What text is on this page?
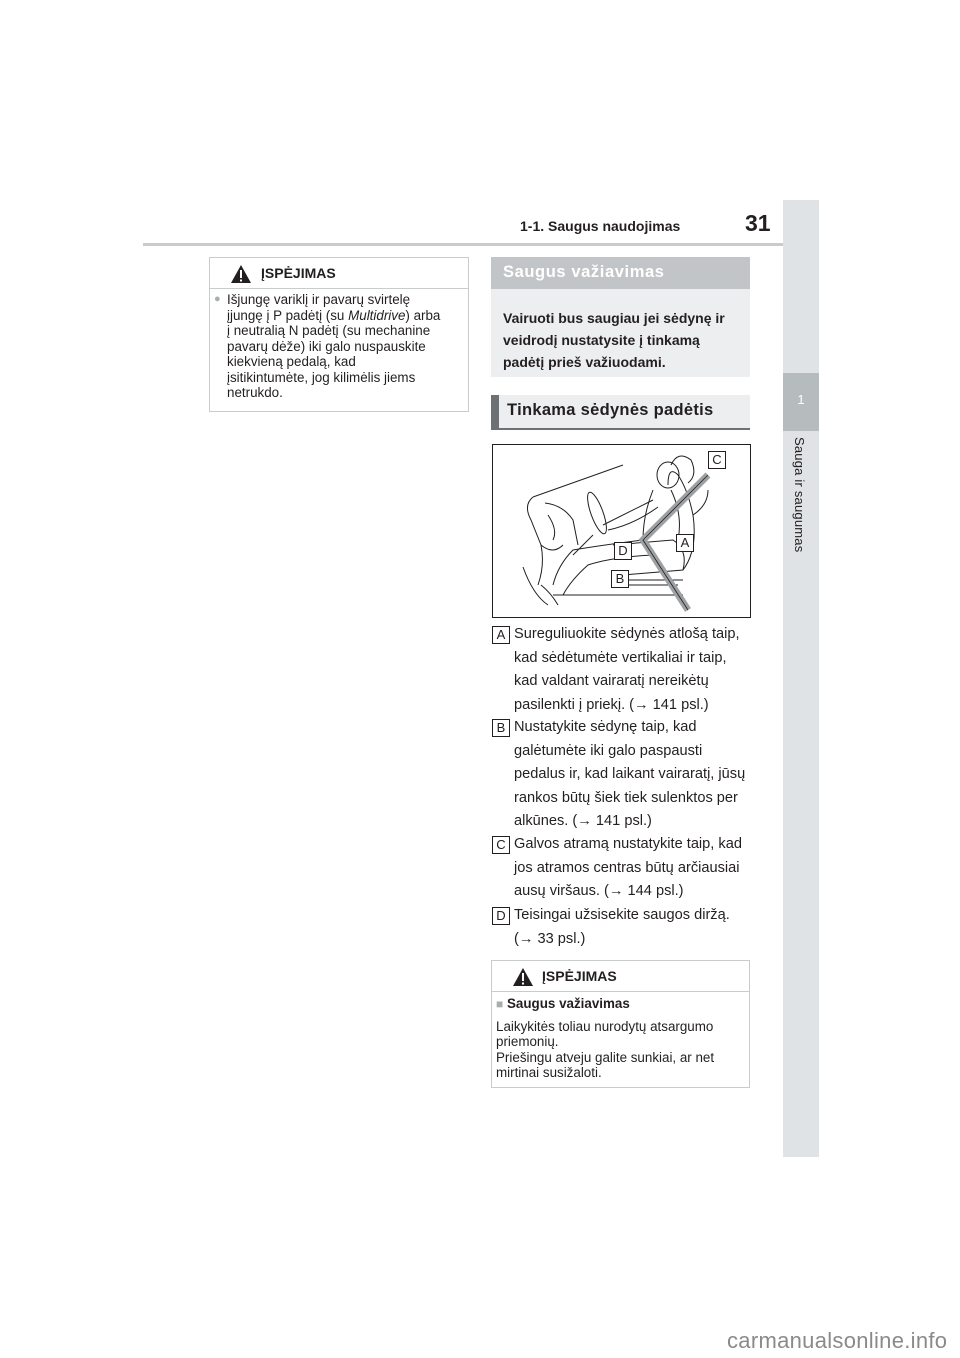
1-1. Saugus naudojimas	31
1
Sauga ir saugumas
ĮSPĖJIMAS
● Išjungę variklį ir pavarų svirtelę
įjungę į P padėtį (su Multidrive) arba
į neutralią N padėtį (su mechanine
pavarų dėže) iki galo nuspauskite
kiekvieną pedalą, kad
įsitikintumėte, jog kilimėlis jiems
netrukdo.
Saugus važiavimas
Vairuoti bus saugiau jei sėdynę ir
veidrodį nustatysite į tinkamą
padėtį prieš važiuodami.
Tinkama sėdynės padėtis
C
A
D
B
A Sureguliuokite sėdynės atlošą taip,
kad sėdėtumėte vertikaliai ir taip,
kad valdant vairaratį nereikėtų
pasilenkti į priekį. (→ 141 psl.)
B Nustatykite sėdynę taip, kad
galėtumėte iki galo paspausti
pedalus ir, kad laikant vairaratį, jūsų
rankos būtų šiek tiek sulenktos per
alkūnes. (→ 141 psl.)
C Galvos atramą nustatykite taip, kad
jos atramos centras būtų arčiausiai
ausų viršaus. (→ 144 psl.)
D Teisingai užsisekite saugos diržą.
(→ 33 psl.)
ĮSPĖJIMAS
■ Saugus važiavimas
Laikykitės toliau nurodytų atsargumo
priemonių.
Priešingu atveju galite sunkiai, ar net
mirtinai susižaloti.
carmanualsonline.info
